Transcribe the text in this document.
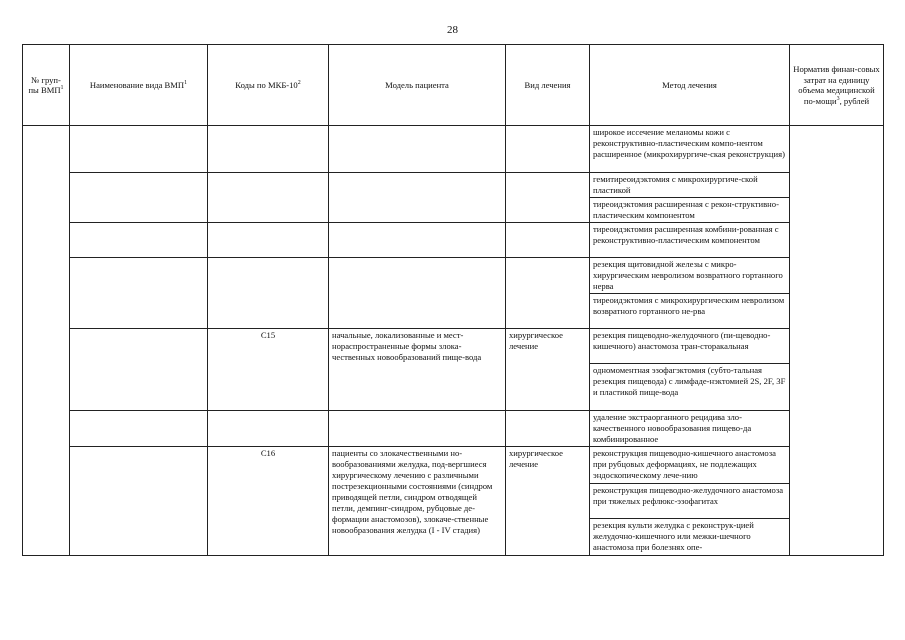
28
№ груп-пы ВМП$^1$	Наименование вида ВМП$^1$	Коды по МКБ-$10^2$	Модель пациента	Вид лечения	Метод лечения	Норматив финан-совых затрат на единицу объема медицинской по-мощи$^3$, рублей
					широкое иссечение меланомы кожи с реконструктивно-пластическим компо-нентом расширенное (микрохирургиче-ская реконструкция)	
					гемитиреоидэктомия с микрохирургиче-ской пластикой	
					тиреоидэктомия расширенная с рекон-структивно-пластическим компонентом	
					тиреоидэктомия расширенная комбини-рованная с реконструктивно-пластическим компонентом	
					резекция щитовидной железы с микро-хирургическим невролизом возвратного гортанного нерва	
					тиреоидэктомия с микрохирургическим невролизом возвратного гортанного не-рва	
		C15	начальные, локализованные и мест-нораспространенные формы злока-чественных новообразований пище-вода	хирургическое лечение	резекция пищеводно-желудочного (пи-щеводно-кишечного) анастомоза тран-сторакальная	
					одномоментная эзофагэктомия (субто-тальная резекция пищевода) с лимфаде-нэктомией 2S, 2F, 3F и пластикой пище-вода	
					удаление экстраорганного рецидива зло-качественного новообразования пищево-да комбинированное	
		C16	пациенты со злокачественными но-вообразованиями желудка, под-вергшиеся хирургическому лечению с различными пострезекционными состояниями (синдром приводящей петли, синдром отводящей петли, демпинг-синдром, рубцовые де-формации анастомозов), злокаче-ственные новообразования желудка (I - IV стадия)	хирургическое лечение	реконструкция пищеводно-кишечного анастомоза при рубцовых деформациях, не подлежащих эндоскопическому лече-нию	
					реконструкция пищеводно-желудочного анастомоза при тяжелых рефлюкс-эзофагитах	
					резекция культи желудка с реконструк-цией желудочно-кишечного или межки-шечного анастомоза при болезнях опе-	
